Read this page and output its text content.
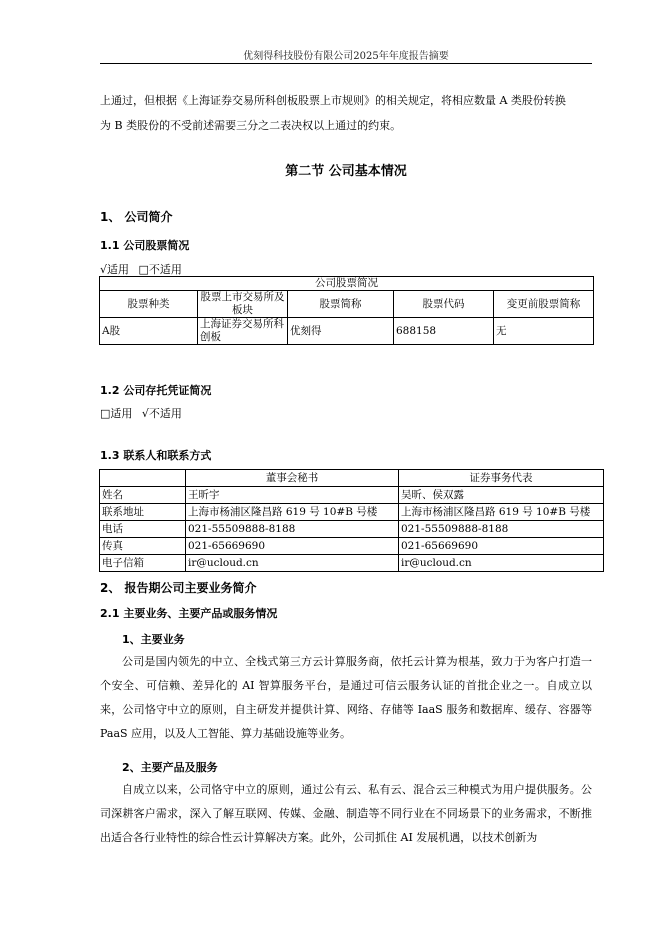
优刻得科技股份有限公司2025年年度报告摘要
上通过，但根据《上海证券交易所科创板股票上市规则》的相关规定，将相应数量 A 类股份转换
为 B 类股份的不受前述需要三分之二表决权以上通过的约束。
第二节 公司基本情况
1、 公司简介
1.1 公司股票简况
√适用 □不适用
公司股票简况				
股票种类	股票上市交易所及板块	股票简称	股票代码	变更前股票简称
A股	上海证券交易所科创板	优刻得	688158	无
1.2 公司存托凭证简况
□适用 √不适用
1.3 联系人和联系方式
	董事会秘书	证券事务代表
姓名	王昕宇	吴昕、侯双露
联系地址	上海市杨浦区隆昌路 619 号 10#B 号楼	上海市杨浦区隆昌路 619 号 10#B 号楼
电话	021-55509888-8188	021-55509888-8188
传真	021-65669690	021-65669690
电子信箱	ir@ucloud.cn	ir@ucloud.cn
2、 报告期公司主要业务简介
2.1 主要业务、主要产品或服务情况
1、主要业务

公司是国内领先的中立、全栈式第三方云计算服务商，依托云计算为根基，致力于为客户打造一个安全、可信赖、差异化的 AI 智算服务平台，是通过可信云服务认证的首批企业之一。自成立以来，公司恪守中立的原则，自主研发并提供计算、网络、存储等 IaaS 服务和数据库、缓存、容器等 PaaS 应用，以及人工智能、算力基础设施等业务。

2、主要产品及服务

自成立以来，公司恪守中立的原则，通过公有云、私有云、混合云三种模式为用户提供服务。公司深耕客户需求，深入了解互联网、传媒、金融、制造等不同行业在不同场景下的业务需求，不断推出适合各行业特性的综合性云计算解决方案。此外，公司抓住 AI 发展机遇，以技术创新为
